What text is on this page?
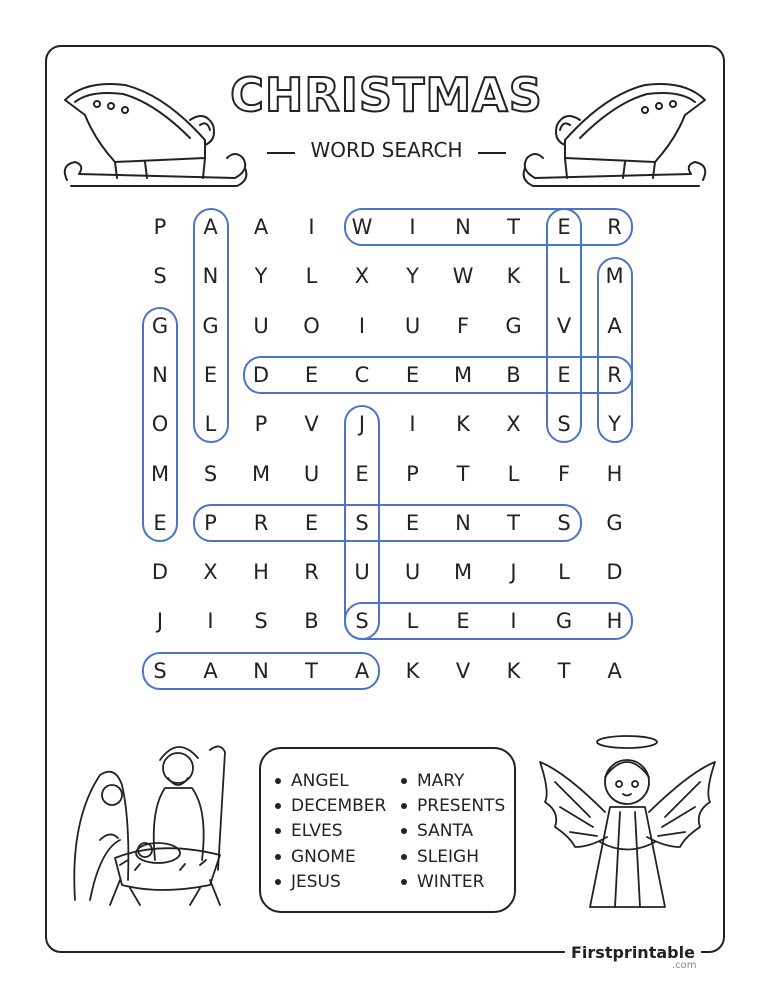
CHRISTMAS
WORD SEARCH
P	A	A	I	W	I	N	T	E	R
S	N	Y	L	X	Y	W	K	L	M
G	G	U	O	I	U	F	G	V	A
N	E	D	E	C	E	M	B	E	R
O	L	P	V	J	I	K	X	S	Y
M	S	M	U	E	P	T	L	F	H
E	P	R	E	S	E	N	T	S	G
D	X	H	R	U	U	M	J	L	D
J	I	S	B	S	L	E	I	G	H
S	A	N	T	A	K	V	K	T	A
ANGEL
DECEMBER
ELVES
GNOME
JESUS
MARY
PRESENTS
SANTA
SLEIGH
WINTER
Firstprintable
.com
